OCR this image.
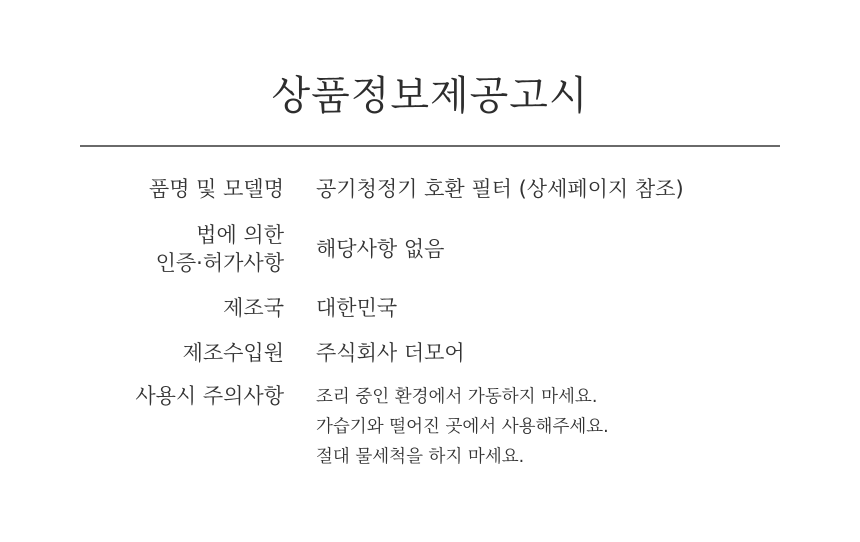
상품정보제공고시
품명 및 모델명 공기청정기 호환 필터 (상세페이지 참조)
법에 의한
인증·허가사항
해당사항 없음
제조국 대한민국
제조수입원 주식회사 더모어
사용시 주의사항 조리 중인 환경에서 가동하지 마세요.
가습기와 떨어진 곳에서 사용해주세요.
절대 물세척을 하지 마세요.
